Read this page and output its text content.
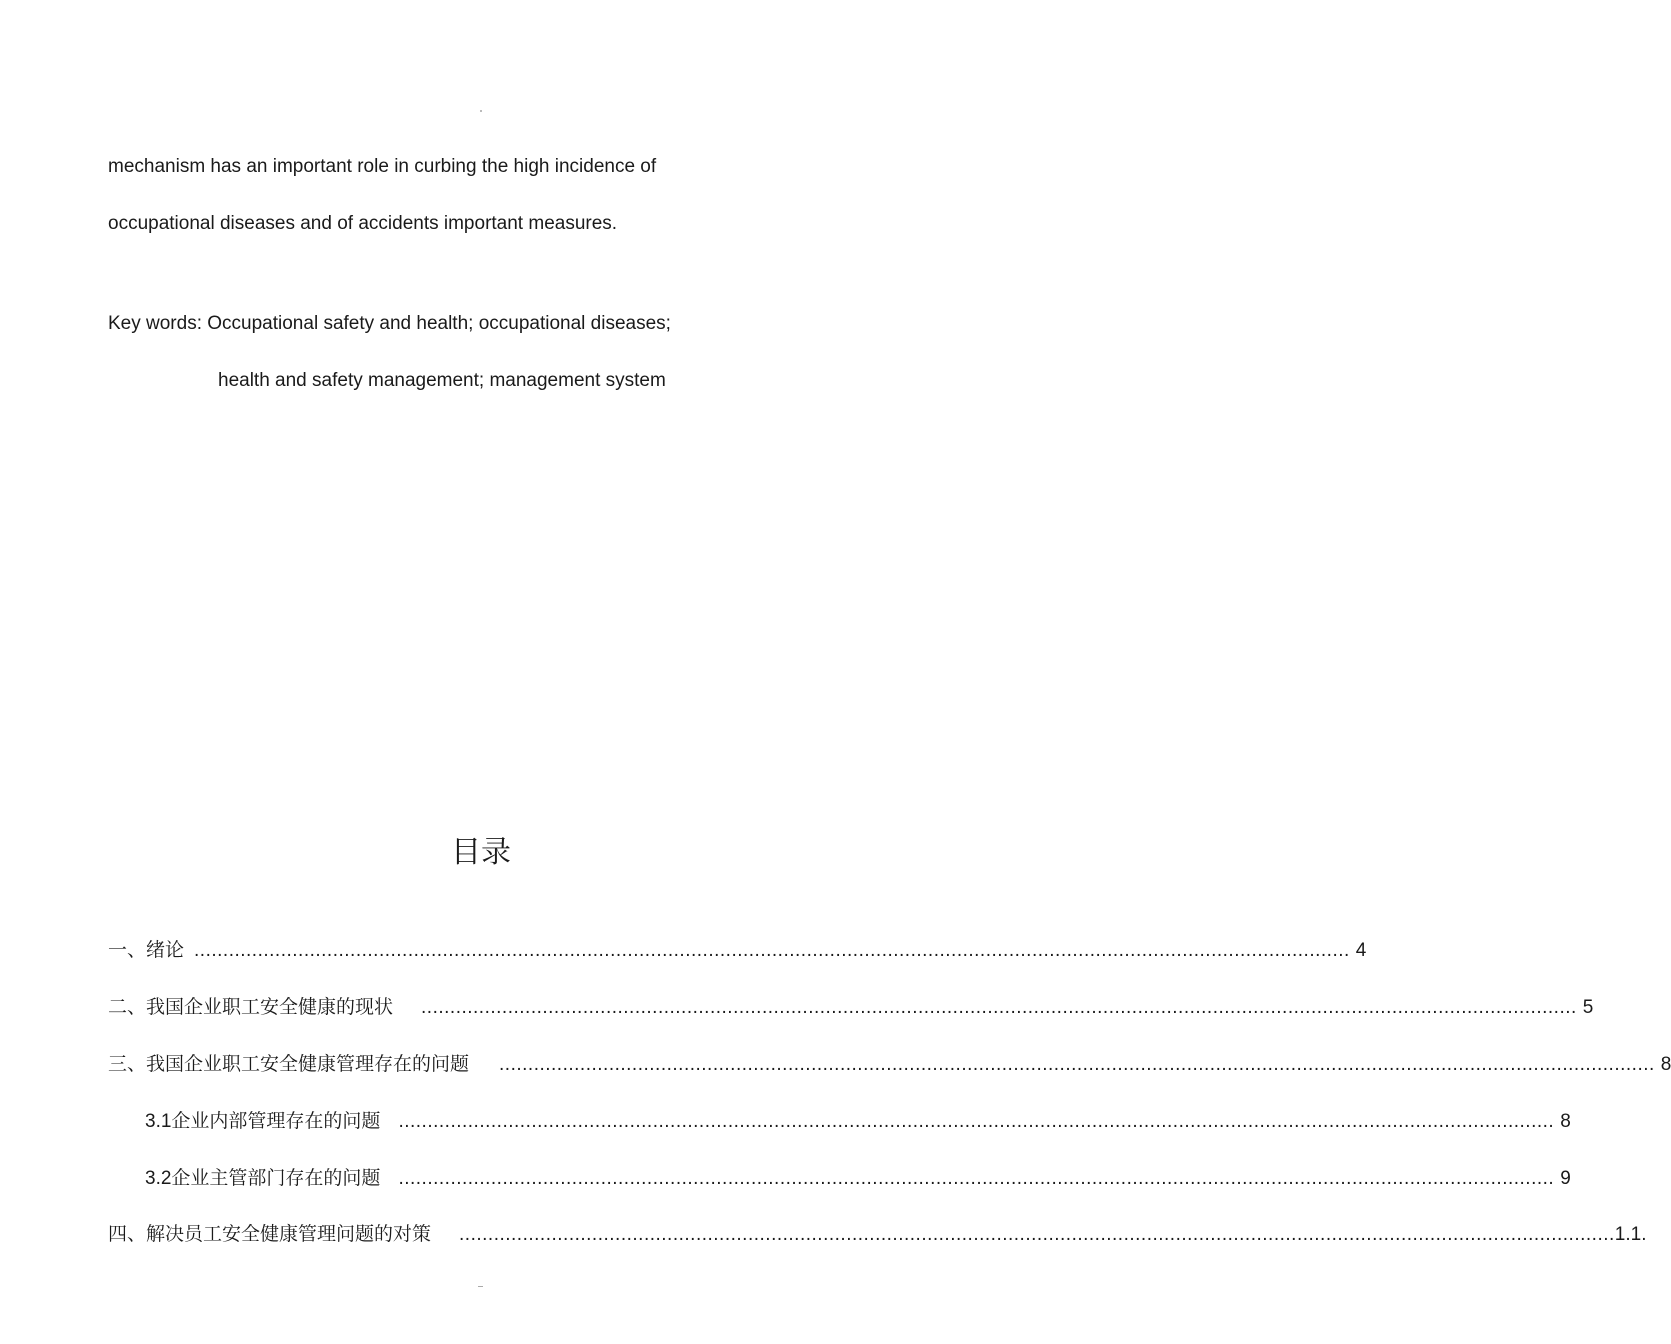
mechanism has an important role in curbing the high incidence of
occupational diseases and of accidents important measures.
Key words: Occupational safety and health; occupational diseases;
health and safety management; management system
目录
一、绪论 ........................................................................................................................................................................................................ 4
二、我国企业职工安全健康的现状 ........................................................................................................................................................................................................ 5
三、我国企业职工安全健康管理存在的问题 ........................................................................................................................................................................................................ 8
3.1 企业内部管理存在的问题 ........................................................................................................................................................................................................ 8
3.2 企业主管部门存在的问题 ........................................................................................................................................................................................................ 9
四、解决员工安全健康管理问题的对策 ........................................................................................................................................................................................................ 1.1.
